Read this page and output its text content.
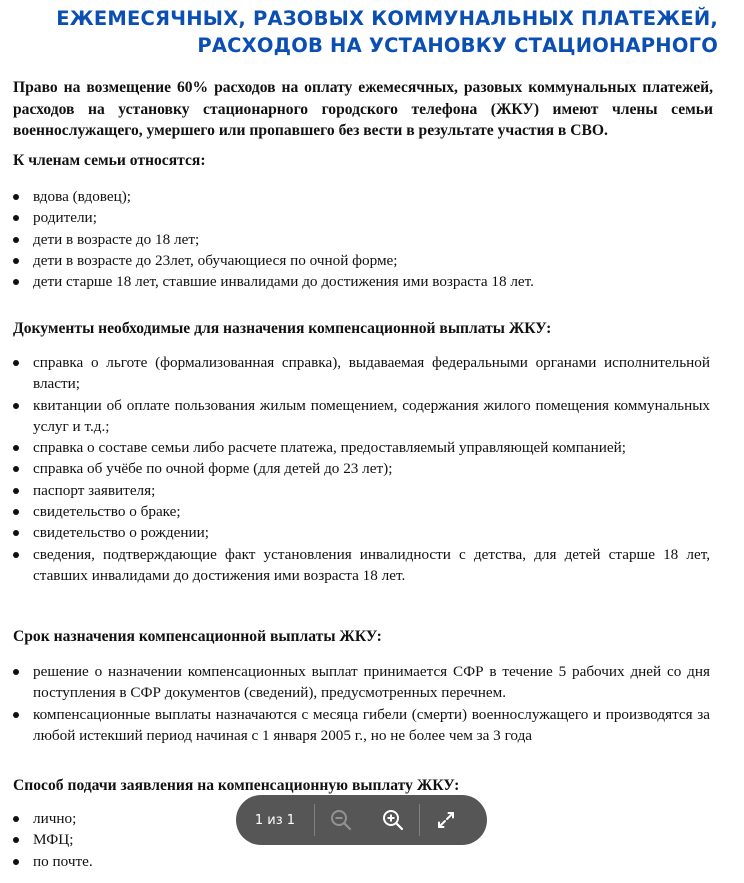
ЕЖЕМЕСЯЧНЫХ, РАЗОВЫХ КОММУНАЛЬНЫХ ПЛАТЕЖЕЙ,
РАСХОДОВ НА УСТАНОВКУ СТАЦИОНАРНОГО
Право на возмещение 60% расходов на оплату ежемесячных, разовых коммунальных платежей, расходов на установку стационарного городского телефона (ЖКУ) имеют члены семьи военнослужащего, умершего или пропавшего без вести в результате участия в СВО.
К членам семьи относятся:
вдова (вдовец);
родители;
дети в возрасте до 18 лет;
дети в возрасте до 23лет, обучающиеся по очной форме;
дети старше 18 лет, ставшие инвалидами до достижения ими возраста 18 лет.
Документы необходимые для назначения компенсационной выплаты ЖКУ:
справка о льготе (формализованная справка), выдаваемая федеральными органами исполнительной власти;
квитанции об оплате пользования жилым помещением, содержания жилого помещения коммунальных услуг и т.д.;
справка о составе семьи либо расчете платежа, предоставляемый управляющей компанией;
справка об учёбе по очной форме (для детей до 23 лет);
паспорт заявителя;
свидетельство о браке;
свидетельство о рождении;
сведения, подтверждающие факт установления инвалидности с детства, для детей старше 18 лет, ставших инвалидами до достижения ими возраста 18 лет.
Срок назначения компенсационной выплаты ЖКУ:
решение о назначении компенсационных выплат принимается СФР в течение 5 рабочих дней со дня поступления в СФР документов (сведений), предусмотренных перечнем.
компенсационные выплаты назначаются с месяца гибели (смерти) военнослужащего и производятся за любой истекший период начиная с 1 января 2005 г., но не более чем за 3 года
Способ подачи заявления на компенсационную выплату ЖКУ:
лично;
МФЦ;
по почте.
1 из 1
